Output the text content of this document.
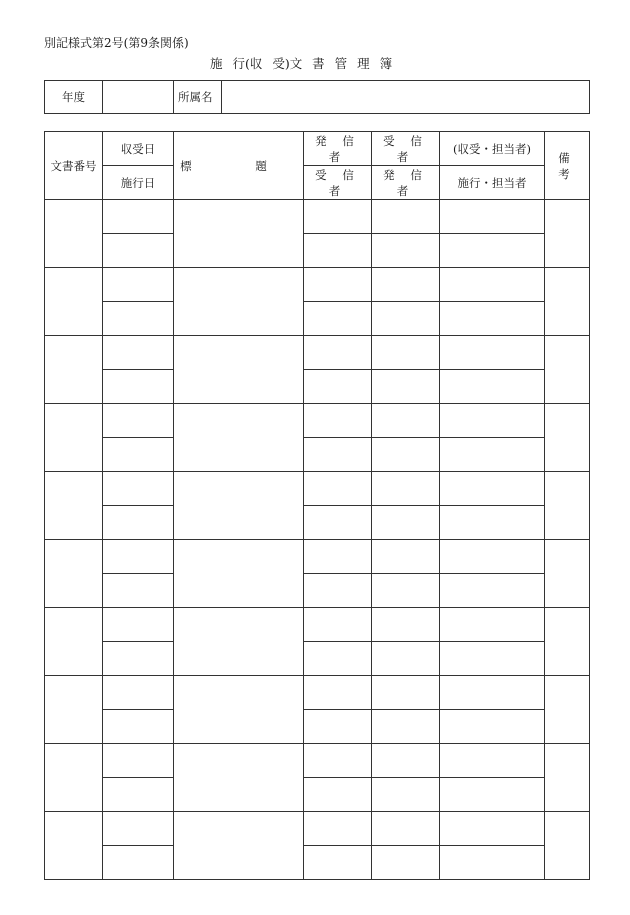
別記様式第2号(第9条関係)
施 行(収 受)文 書 管 理 簿
年度		所属名	
文書番号	収受日	標 題	発 信 者	受 信 者	(収受・担当者)	備 考
	施行日		受 信 者	発 信 者	施行・担当者	
